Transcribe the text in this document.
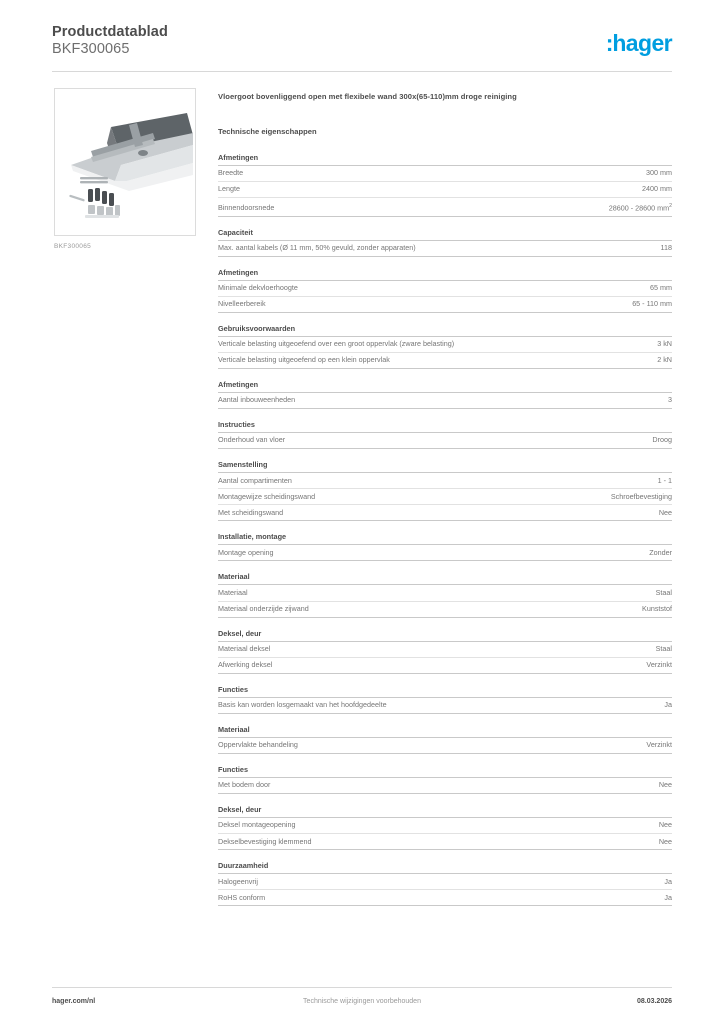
Productdatablad
BKF300065	:hager
BKF300065
Vloergoot bovenliggend open met flexibele wand 300x(65-110)mm droge reiniging
Technische eigenschappen
Afmetingen
Breedte	300 mm
Lengte	2400 mm
Binnendoorsnede	28600 - 28600 $mm^2$
Capaciteit
Max. aantal kabels (Ø 11 mm, 50% gevuld, zonder apparaten)	118
Afmetingen
Minimale dekvloerhoogte	65 mm
Nivelleerbereik	65 - 110 mm
Gebruiksvoorwaarden
Verticale belasting uitgeoefend over een groot oppervlak (zware belasting)	3 kN
Verticale belasting uitgeoefend op een klein oppervlak	2 kN
Afmetingen
Aantal inbouweenheden	3
Instructies
Onderhoud van vloer	Droog
Samenstelling
Aantal compartimenten	1 - 1
Montagewijze scheidingswand	Schroefbevestiging
Met scheidingswand	Nee
Installatie, montage
Montage opening	Zonder
Materiaal
Materiaal	Staal
Materiaal onderzijde zijwand	Kunststof
Deksel, deur
Materiaal deksel	Staal
Afwerking deksel	Verzinkt
Functies
Basis kan worden losgemaakt van het hoofdgedeelte	Ja
Materiaal
Oppervlakte behandeling	Verzinkt
Functies
Met bodem door	Nee
Deksel, deur
Deksel montageopening	Nee
Dekselbevestiging klemmend	Nee
Duurzaamheid
Halogeenvrij	Ja
RoHS conform	Ja
hager.com/nl	Technische wijzigingen voorbehouden	08.03.2026
